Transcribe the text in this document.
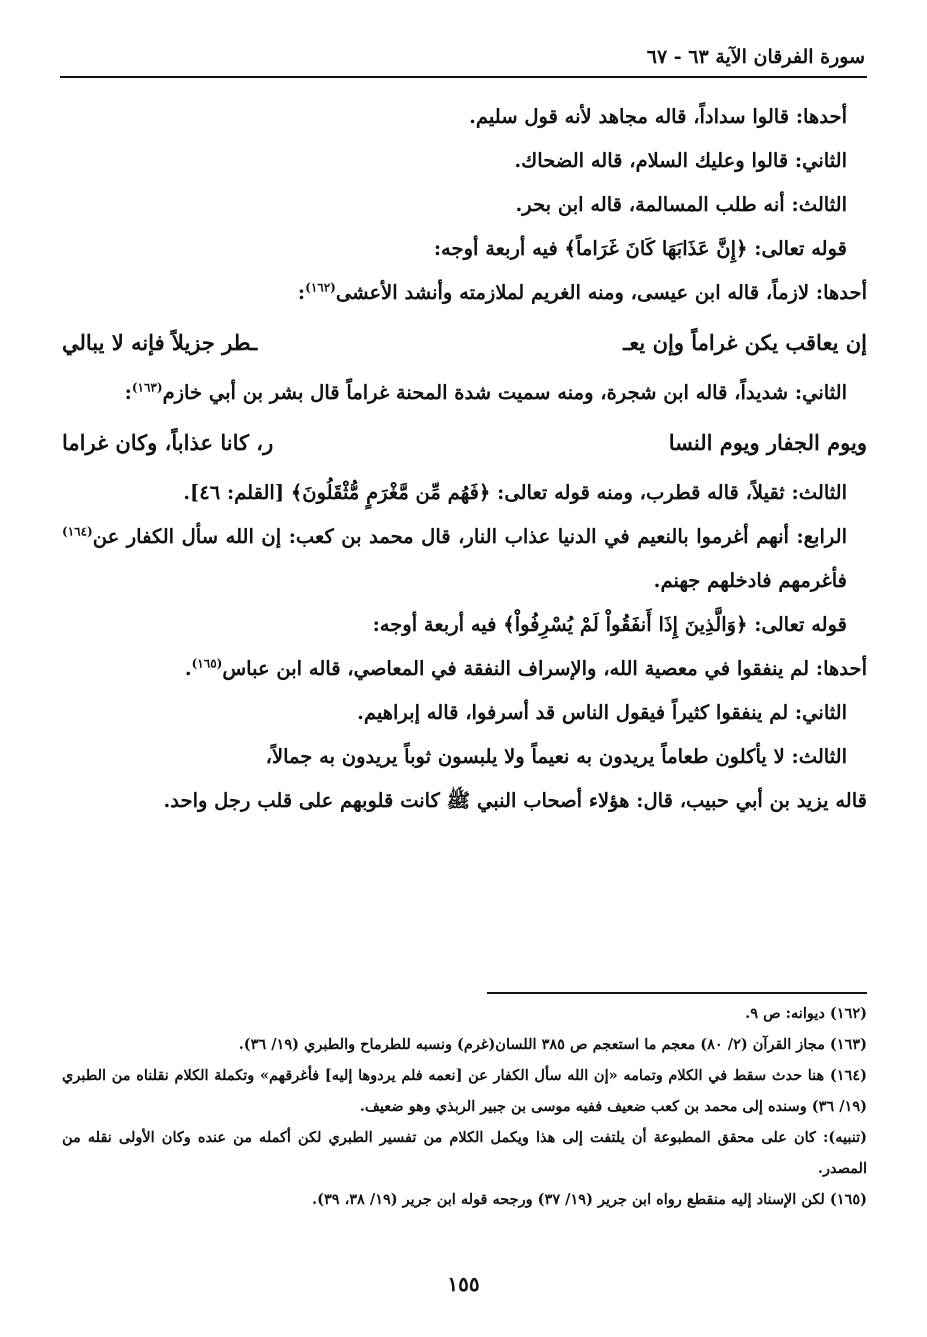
سورة الفرقان الآية ٦٣ - ٦٧

أحدها: قالوا سداداً، قاله مجاهد لأنه قول سليم.

الثاني: قالوا وعليك السلام، قاله الضحاك.

الثالث: أنه طلب المسالمة، قاله ابن بحر.

قوله تعالى: ﴿إِنَّ عَذَابَهَا كَانَ غَرَاماً﴾ فيه أربعة أوجه:

أحدها: لازماً، قاله ابن عيسى، ومنه الغريم لملازمته وأنشد الأعشى$^{(١٦٢)}$:

إن يعاقب يكن غراماً وإن يعـ
ـطر جزيلاً فإنه لا يبالي

الثاني: شديداً، قاله ابن شجرة، ومنه سميت شدة المحنة غراماً قال بشر بن أبي خازم$^{(١٦٣)}$:

ويوم الجفار ويوم النسا
ر، كانا عذاباً، وكان غراما

الثالث: ثقيلاً، قاله قطرب، ومنه قوله تعالى: ﴿فَهُم مِّن مَّغْرَمٍ مُّثْقَلُونَ﴾ [القلم: ٤٦].

الرابع: أنهم أغرموا بالنعيم في الدنيا عذاب النار، قال محمد بن كعب: إن الله سأل الكفار عن$^{(١٦٤)}$ فأغرمهم فادخلهم جهنم.

قوله تعالى: ﴿وَالَّذِينَ إِذَا أَنفَقُواْ لَمْ يُسْرِفُواْ﴾ فيه أربعة أوجه:

أحدها: لم ينفقوا في معصية الله، والإسراف النفقة في المعاصي، قاله ابن عباس$^{(١٦٥)}$.

الثاني: لم ينفقوا كثيراً فيقول الناس قد أسرفوا، قاله إبراهيم.

الثالث: لا يأكلون طعاماً يريدون به نعيماً ولا يلبسون ثوباً يريدون به جمالاً،

قاله يزيد بن أبي حبيب، قال: هؤلاء أصحاب النبي ﷺ كانت قلوبهم على قلب رجل واحد.

(١٦٢) ديوانه: ص ٩.

(١٦٣) مجاز القرآن (٢/ ٨٠) معجم ما استعجم ص ٣٨٥ اللسان(غرم) ونسبه للطرماح والطبري (١٩/ ٣٦).

(١٦٤) هنا حدث سقط في الكلام وتمامه «إن الله سأل الكفار عن [نعمه فلم يردوها إليه] فأغرقهم» وتكملة الكلام نقلناه من الطبري (١٩/ ٣٦) وسنده إلى محمد بن كعب ضعيف ففيه موسى بن جبير الربذي وهو ضعيف.

(تنبيه): كان على محقق المطبوعة أن يلتفت إلى هذا ويكمل الكلام من تفسير الطبري لكن أكمله من عنده وكان الأولى نقله من المصدر.

(١٦٥) لكن الإسناد إليه منقطع رواه ابن جرير (١٩/ ٣٧) ورجحه قوله ابن جرير (١٩/ ٣٨، ٣٩).

١٥٥
